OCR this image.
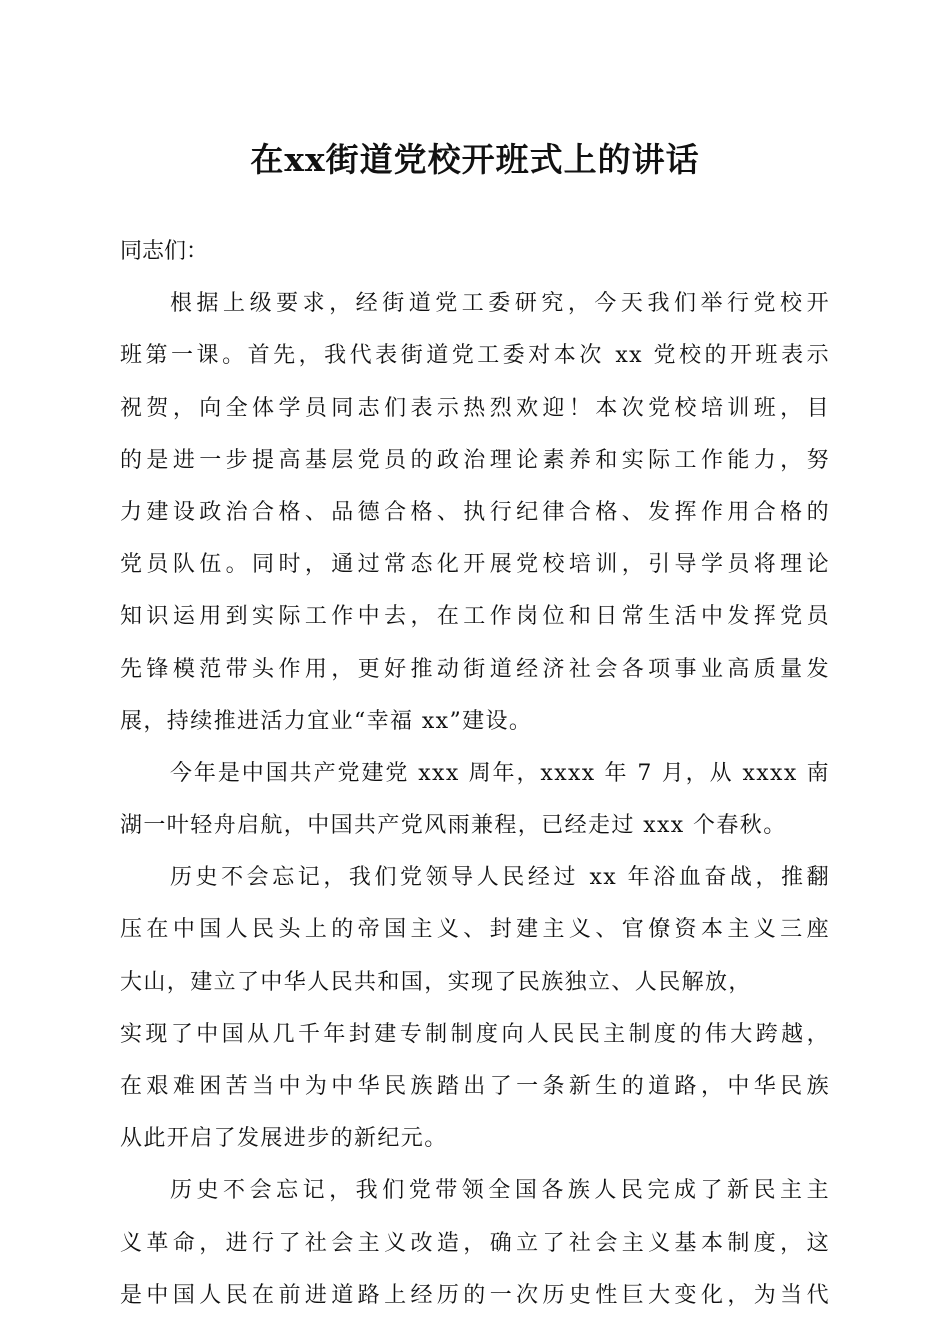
在xx街道党校开班式上的讲话

同志们：

根据上级要求，经街道党工委研究，今天我们举行党校开
班第一课。首先，我代表街道党工委对本次 xx 党校的开班表示
祝贺，向全体学员同志们表示热烈欢迎！本次党校培训班，目
的是进一步提高基层党员的政治理论素养和实际工作能力，努
力建设政治合格、品德合格、执行纪律合格、发挥作用合格的
党员队伍。同时，通过常态化开展党校培训，引导学员将理论
知识运用到实际工作中去，在工作岗位和日常生活中发挥党员
先锋模范带头作用，更好推动街道经济社会各项事业高质量发
展，持续推进活力宜业“幸福 xx”建设。
今年是中国共产党建党 xxx 周年，xxxx 年 7 月，从 xxxx 南
湖一叶轻舟启航，中国共产党风雨兼程，已经走过 xxx 个春秋。
历史不会忘记，我们党领导人民经过 xx 年浴血奋战，推翻
压在中国人民头上的帝国主义、封建主义、官僚资本主义三座
大山，建立了中华人民共和国，实现了民族独立、人民解放，
实现了中国从几千年封建专制制度向人民民主制度的伟大跨越，
在艰难困苦当中为中华民族踏出了一条新生的道路，中华民族
从此开启了发展进步的新纪元。
历史不会忘记，我们党带领全国各族人民完成了新民主主
义革命，进行了社会主义改造，确立了社会主义基本制度，这
是中国人民在前进道路上经历的一次历史性巨大变化，为当代
